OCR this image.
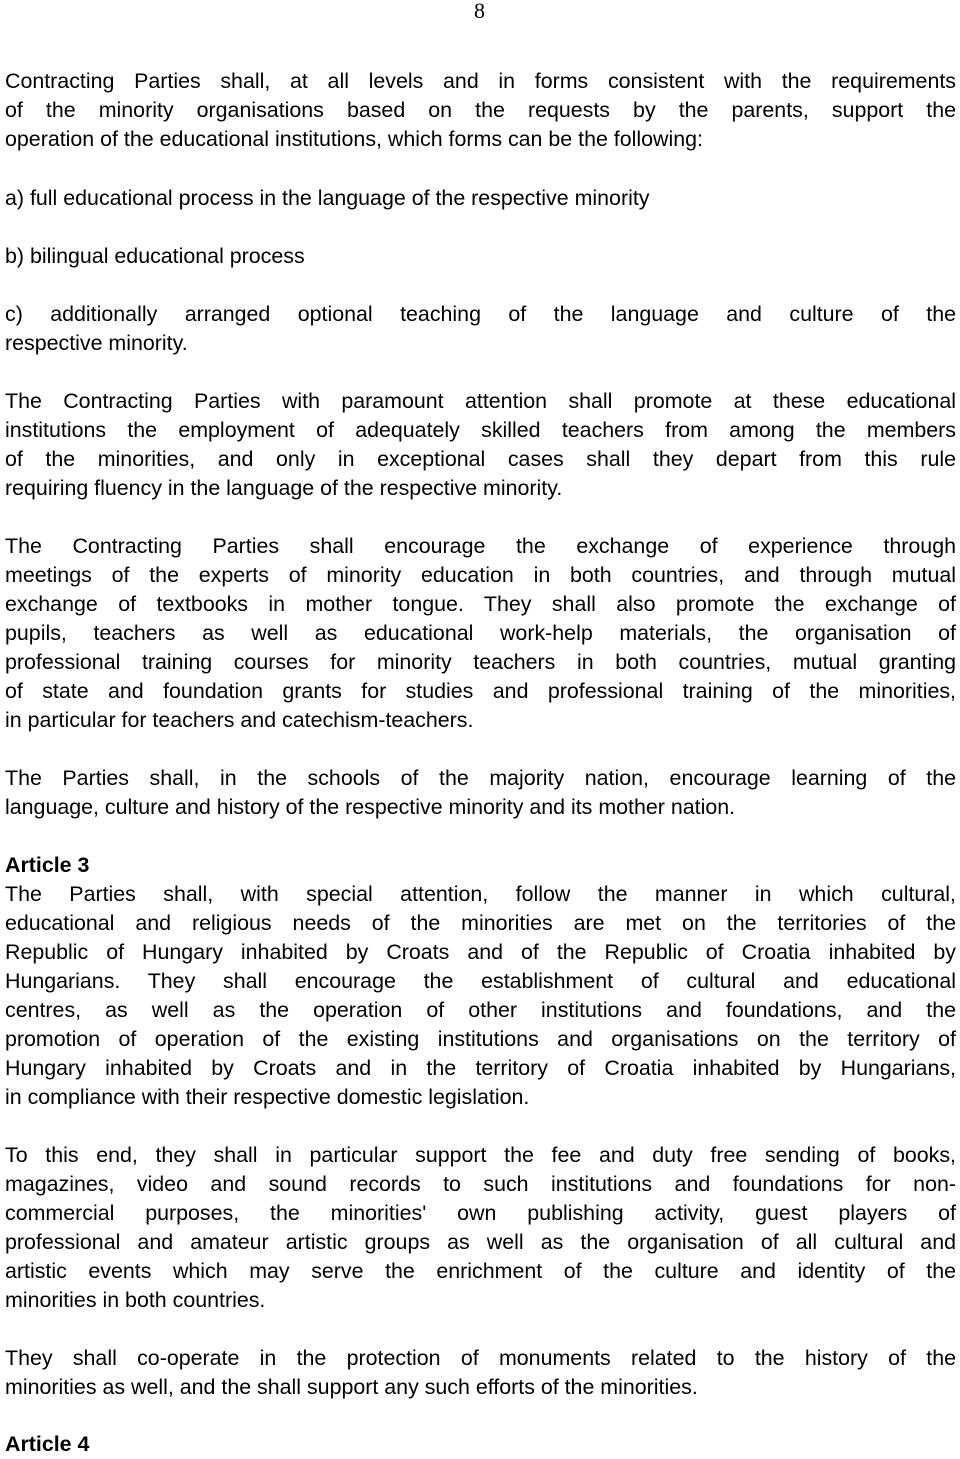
8

Contracting Parties shall, at all levels and in forms consistent with the requirements
of the minority organisations based on the requests by the parents, support the
operation of the educational institutions, which forms can be the following:

a) full educational process in the language of the respective minority

b) bilingual educational process

c) additionally arranged optional teaching of the language and culture of the
respective minority.

The Contracting Parties with paramount attention shall promote at these educational
institutions the employment of adequately skilled teachers from among the members
of the minorities, and only in exceptional cases shall they depart from this rule
requiring fluency in the language of the respective minority.

The Contracting Parties shall encourage the exchange of experience through
meetings of the experts of minority education in both countries, and through mutual
exchange of textbooks in mother tongue. They shall also promote the exchange of
pupils, teachers as well as educational work-help materials, the organisation of
professional training courses for minority teachers in both countries, mutual granting
of state and foundation grants for studies and professional training of the minorities,
in particular for teachers and catechism-teachers.

The Parties shall, in the schools of the majority nation, encourage learning of the
language, culture and history of the respective minority and its mother nation.

Article 3

The Parties shall, with special attention, follow the manner in which cultural,
educational and religious needs of the minorities are met on the territories of the
Republic of Hungary inhabited by Croats and of the Republic of Croatia inhabited by
Hungarians. They shall encourage the establishment of cultural and educational
centres, as well as the operation of other institutions and foundations, and the
promotion of operation of the existing institutions and organisations on the territory of
Hungary inhabited by Croats and in the territory of Croatia inhabited by Hungarians,
in compliance with their respective domestic legislation.

To this end, they shall in particular support the fee and duty free sending of books,
magazines, video and sound records to such institutions and foundations for non-
commercial purposes, the minorities' own publishing activity, guest players of
professional and amateur artistic groups as well as the organisation of all cultural and
artistic events which may serve the enrichment of the culture and identity of the
minorities in both countries.

They shall co-operate in the protection of monuments related to the history of the
minorities as well, and the shall support any such efforts of the minorities.

Article 4
